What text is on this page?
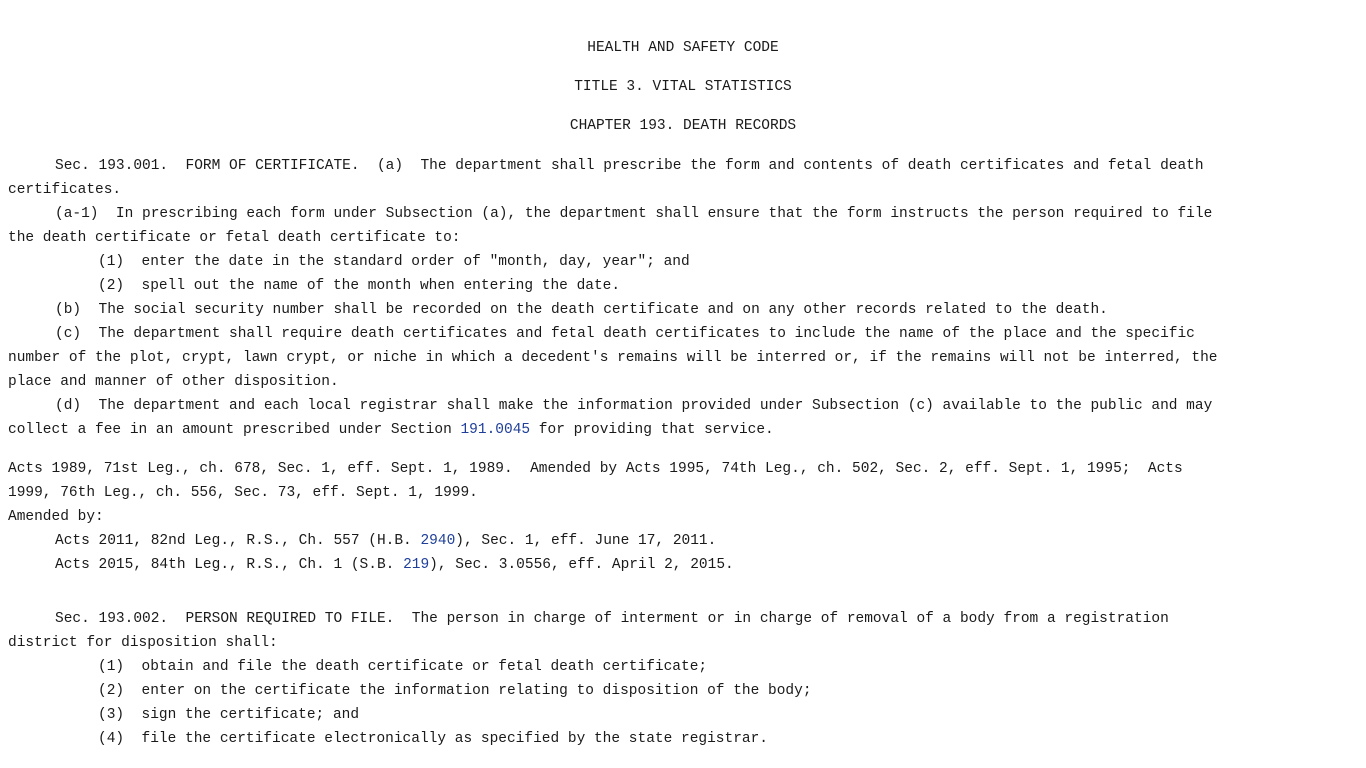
HEALTH AND SAFETY CODE
TITLE 3. VITAL STATISTICS
CHAPTER 193. DEATH RECORDS
Sec. 193.001.  FORM OF CERTIFICATE.  (a)  The department shall prescribe the form and contents of death certificates and fetal death
certificates.
(a-1)  In prescribing each form under Subsection (a), the department shall ensure that the form instructs the person required to file
the death certificate or fetal death certificate to:
(1)  enter the date in the standard order of "month, day, year"; and
(2)  spell out the name of the month when entering the date.
(b)  The social security number shall be recorded on the death certificate and on any other records related to the death.
(c)  The department shall require death certificates and fetal death certificates to include the name of the place and the specific
number of the plot, crypt, lawn crypt, or niche in which a decedent's remains will be interred or, if the remains will not be interred, the
place and manner of other disposition.
(d)  The department and each local registrar shall make the information provided under Subsection (c) available to the public and may
collect a fee in an amount prescribed under Section 191.0045 for providing that service.
Acts 1989, 71st Leg., ch. 678, Sec. 1, eff. Sept. 1, 1989.  Amended by Acts 1995, 74th Leg., ch. 502, Sec. 2, eff. Sept. 1, 1995;  Acts
1999, 76th Leg., ch. 556, Sec. 73, eff. Sept. 1, 1999.
Amended by:
Acts 2011, 82nd Leg., R.S., Ch. 557 (H.B. 2940), Sec. 1, eff. June 17, 2011.
Acts 2015, 84th Leg., R.S., Ch. 1 (S.B. 219), Sec. 3.0556, eff. April 2, 2015.
Sec. 193.002.  PERSON REQUIRED TO FILE.  The person in charge of interment or in charge of removal of a body from a registration
district for disposition shall:
(1)  obtain and file the death certificate or fetal death certificate;
(2)  enter on the certificate the information relating to disposition of the body;
(3)  sign the certificate; and
(4)  file the certificate electronically as specified by the state registrar.
